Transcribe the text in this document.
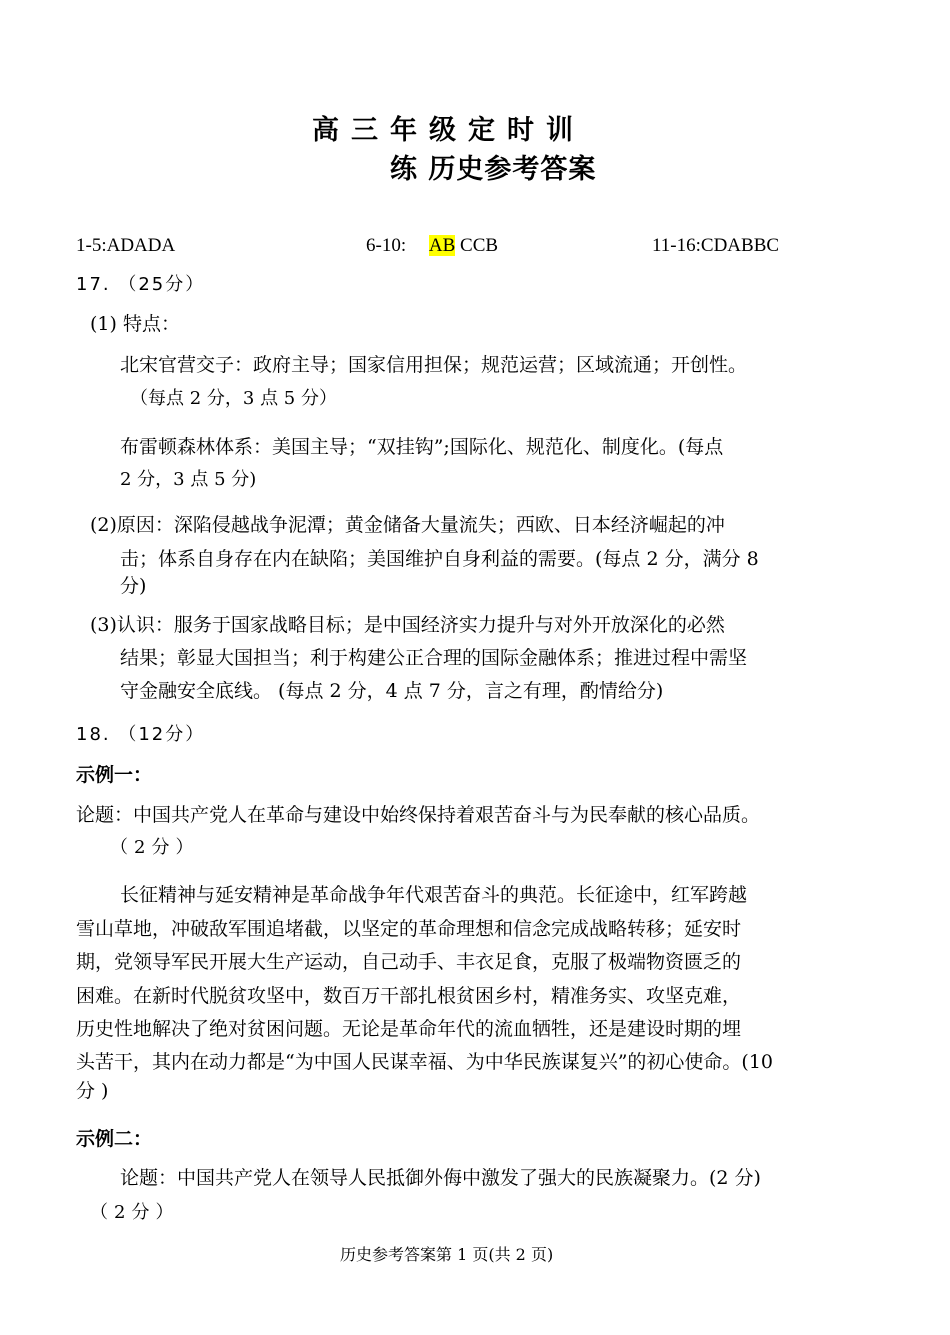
高三年级定时训
练 历史参考答案
1-5:ADADA	6-10: AB CCB	11-16:CDABBC
17. （25分）
(1) 特点：
北宋官营交子：政府主导；国家信用担保；规范运营；区域流通；开创性。
（每点 2 分，3 点 5 分）
布雷顿森林体系：美国主导；“双挂钩”;国际化、规范化、制度化。(每点
2 分，3 点 5 分)
(2)原因：深陷侵越战争泥潭；黄金储备大量流失；西欧、日本经济崛起的冲
击；体系自身存在内在缺陷；美国维护自身利益的需要。(每点 2 分，满分 8
分)
(3)认识：服务于国家战略目标；是中国经济实力提升与对外开放深化的必然
结果；彰显大国担当；利于构建公正合理的国际金融体系；推进过程中需坚
守金融安全底线。 (每点 2 分，4 点 7 分，言之有理，酌情给分)
18. （12分）
示例一：
论题：中国共产党人在革命与建设中始终保持着艰苦奋斗与为民奉献的核心品质。
（2分）
长征精神与延安精神是革命战争年代艰苦奋斗的典范。长征途中，红军跨越
雪山草地，冲破敌军围追堵截，以坚定的革命理想和信念完成战略转移；延安时
期，党领导军民开展大生产运动，自己动手、丰衣足食，克服了极端物资匮乏的
困难。在新时代脱贫攻坚中，数百万干部扎根贫困乡村，精准务实、攻坚克难，
历史性地解决了绝对贫困问题。无论是革命年代的流血牺牲，还是建设时期的埋
头苦干，其内在动力都是“为中国人民谋幸福、为中华民族谋复兴”的初心使命。(10
分 )
示例二：
论题：中国共产党人在领导人民抵御外侮中激发了强大的民族凝聚力。(2 分)
（2分）
历史参考答案第 1 页(共 2 页)
